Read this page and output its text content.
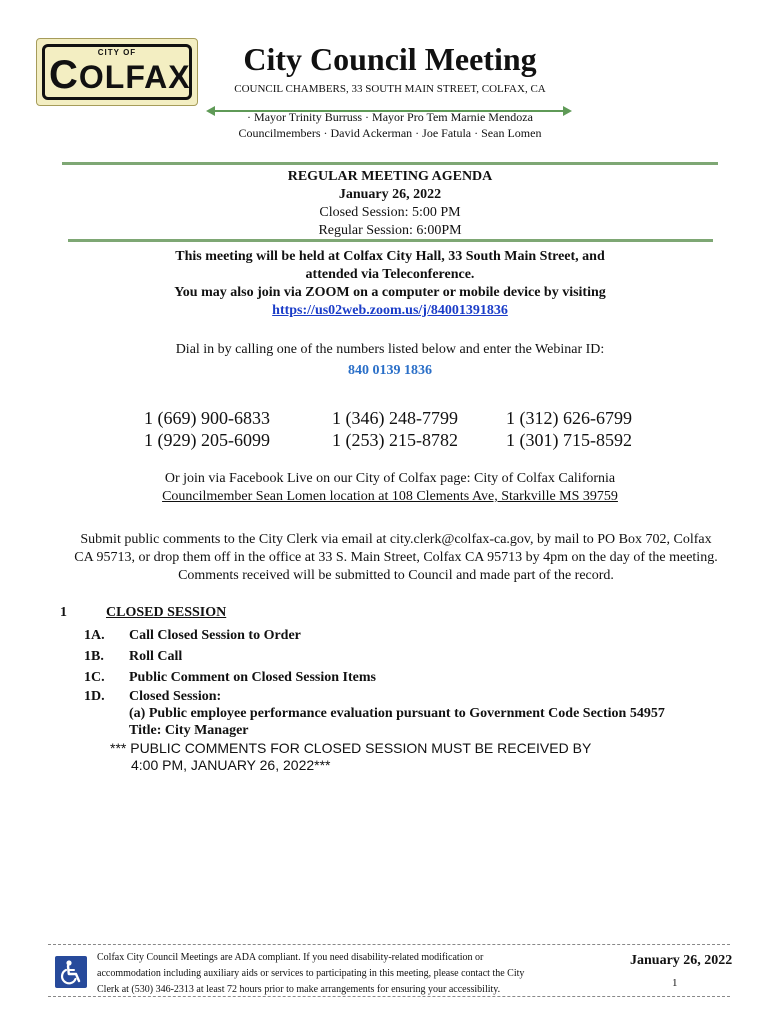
CITY OF
COLFAX	City Council Meeting
COUNCIL CHAMBERS, 33 SOUTH MAIN STREET, COLFAX, CA
· Mayor Trinity Burruss · Mayor Pro Tem Marnie Mendoza
Councilmembers · David Ackerman · Joe Fatula · Sean Lomen
REGULAR MEETING AGENDA
January 26, 2022
Closed Session: 5:00 PM
Regular Session: 6:00PM
This meeting will be held at Colfax City Hall, 33 South Main Street, and
attended via Teleconference.
You may also join via ZOOM on a computer or mobile device by visiting
https://us02web.zoom.us/j/84001391836
Dial in by calling one of the numbers listed below and enter the Webinar ID:
840 0139 1836
1 (669) 900-6833	1 (346) 248-7799	1 (312) 626-6799
1 (929) 205-6099	1 (253) 215-8782	1 (301) 715-8592
Or join via Facebook Live on our City of Colfax page: City of Colfax California
Councilmember Sean Lomen location at 108 Clements Ave, Starkville MS 39759
Submit public comments to the City Clerk via email at city.clerk@colfax-ca.gov, by mail to PO Box 702, Colfax
CA 95713, or drop them off in the office at 33 S. Main Street, Colfax CA 95713 by 4pm on the day of the meeting.
Comments received will be submitted to Council and made part of the record.
1	CLOSED SESSION
1A. Call Closed Session to Order
1B. Roll Call
1C. Public Comment on Closed Session Items
1D. Closed Session:
(a) Public employee performance evaluation pursuant to Government Code Section 54957
Title: City Manager
*** PUBLIC COMMENTS FOR CLOSED SESSION MUST BE RECEIVED BY
4:00 PM, JANUARY 26, 2022***
Colfax City Council Meetings are ADA compliant. If you need disability-related modification or
accommodation including auxiliary aids or services to participating in this meeting, please contact the City
Clerk at (530) 346-2313 at least 72 hours prior to make arrangements for ensuring your accessibility.
January 26, 2022
1
